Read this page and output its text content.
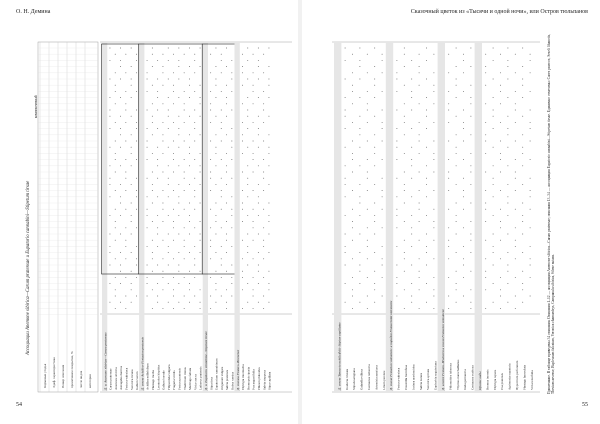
О. Н. Демина
Д. а. Anemone sibirica—Carum pratensae Carum pratensae Anemone sibirica Astragalus danicus Festuca valesiaca Veronica incana Galium verum Д. союза Achilleo–Festucion pratensis Achillea millefolium Plantago media Leontodon hispidus Galium boreale Filipendula vulgaris Fragaria viridis Festuca pratensis Thalictrum minus Medicago falcata Vicia cracca Lathyrus pratensis Д. а. Eupatorio cannabini—Stipetum tirsae Stipa tirsa Eupatorium cannabinum Origanum vulgare Salvia pratensis Rubus caesius Д. союзов Festuco–Brometea Elytrigia intermedia Bromopsis riparia Poa angustifolia Phleum phleoides Salvia stepposa Stipa capillata
Кормовые угодья Эдаф. характеристика Номер описания проективное покрытие, %	число видов категории
Ассоциации Anemone sibirica—Carum pratensae и Eupatorio cannabini—Stipetum tirsae
компонентный
54
Сказочный цветок из «Тысячи и одной ночи», или Остров тюльпанов
Д. союза Tanaceto achilleifolii–Stipion capillatae Koeleria cristata Stipa lessingiana Galatella villosa Centaurea ruthenica Artemisia austriaca Linum perenne Д. союза Festucion valesiacae и порядка Festucetalia valesiacae Festuca valesiaca Potentilla humifusa Jurinea arachnoidea Salvia nutans Veronica spicata Euphorbia seguieriana Д. класса Festuco–Brometea и союза Festucion valesiacae Phlomoides tuberosa Thymus marschallianus Inula germanica Centaurea scabiosa Прочие виды Bromus inermis Elytrigia repens Poa pratensis Agrimonia eupatoria Hypericum perforatum Plantago lanceolata Vicia tenuifolia	Примечание. В таблице приведены 34 описания. Описания 1–12 — ассоциация Anemone sibirica—Carum pratensae; описания 13–34 — ассоциация Eupatorio cannabini—Stipetum tirsae. Единично отмечены: Carex praecox, Seseli libanotis, Thesium arvense, Bupleurum falcatum, Veronica chamaedrys, Campanula sibirica, Silene nutans.
55
